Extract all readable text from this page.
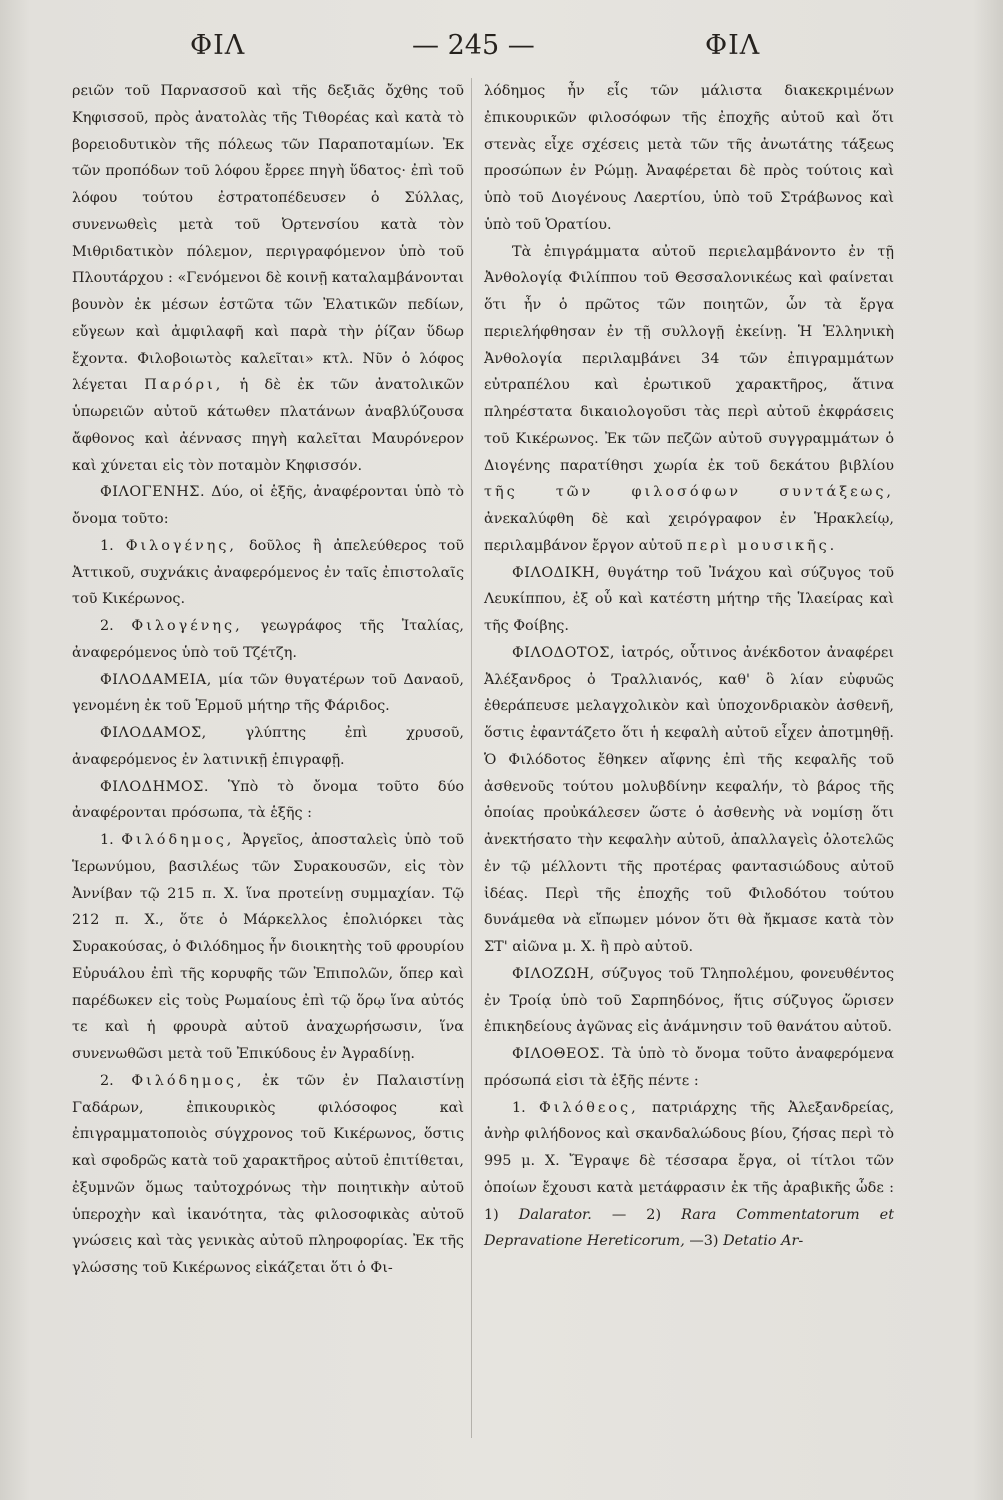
ΦΙΛ	— 245 —	ΦΙΛ

ρειῶν τοῦ Παρνασσοῦ καὶ τῆς δεξιᾶς ὄχθης τοῦ Κηφισσοῦ, πρὸς ἀνατολὰς τῆς Τιθορέας καὶ κατὰ τὸ βορειοδυτικὸν τῆς πόλεως τῶν Παραποταμίων. Ἐκ τῶν προπόδων τοῦ λόφου ἔρρεε πηγὴ ὕδατος· ἐπὶ τοῦ λόφου τούτου ἐστρατοπέδευσεν ὁ Σύλλας, συνενωθεὶς μετὰ τοῦ Ὀρτενσίου κατὰ τὸν Μιθριδατικὸν πόλεμον, περιγραφόμενον ὑπὸ τοῦ Πλουτάρχου : «Γενόμενοι δὲ κοινῇ καταλαμβάνονται βουνὸν ἐκ μέσων ἑστῶτα τῶν Ἐλατικῶν πεδίων, εὔγεων καὶ ἀμφιλαφῆ καὶ παρὰ τὴν ῥίζαν ὕδωρ ἔχοντα. Φιλοβοιωτὸς καλεῖται» κτλ. Νῦν ὁ λόφος λέγεται Παρόρι, ἡ δὲ ἐκ τῶν ἀνατολικῶν ὑπωρειῶν αὐτοῦ κάτωθεν πλατάνων ἀναβλύζουσα ἄφθονος καὶ ἀέννασς πηγὴ καλεῖται Μαυρόνερον καὶ χύνεται εἰς τὸν ποταμὸν Κηφισσόν.

ΦΙΛΟΓΕΝΗΣ. Δύο, οἱ ἑξῆς, ἀναφέρονται ὑπὸ τὸ ὄνομα τοῦτο:

1. Φιλογένης, δοῦλος ἢ ἀπελεύθερος τοῦ Ἀττικοῦ, συχνάκις ἀναφερόμενος ἐν ταῖς ἐπιστολαῖς τοῦ Κικέρωνος.

2. Φιλογένης, γεωγράφος τῆς Ἰταλίας, ἀναφερόμενος ὑπὸ τοῦ Τζέτζη.

ΦΙΛΟΔΑΜΕΙΑ, μία τῶν θυγατέρων τοῦ Δαναοῦ, γενομένη ἐκ τοῦ Ἑρμοῦ μήτηρ τῆς Φάριδος.

ΦΙΛΟΔΑΜΟΣ,	γλύπτης ἐπὶ χρυσοῦ, ἀναφερόμενος ἐν λατινικῇ ἐπιγραφῇ.

ΦΙΛΟΔΗΜΟΣ. Ὑπὸ τὸ ὄνομα τοῦτο δύο ἀναφέρονται πρόσωπα, τὰ ἑξῆς :

1. Φιλόδημος, Ἀργεῖος, ἀποσταλεὶς ὑπὸ τοῦ Ἱερωνύμου, βασιλέως τῶν Συρακουσῶν, εἰς τὸν Ἀννίβαν τῷ 215 π. Χ. ἵνα προτείνῃ συμμαχίαν. Τῷ 212 π. Χ., ὅτε ὁ Μάρκελλος ἐπολιόρκει τὰς Συρακούσας, ὁ Φιλόδημος ἦν διοικητὴς τοῦ φρουρίου Εὐρυάλου ἐπὶ τῆς κορυφῆς τῶν Ἐπιπολῶν, ὅπερ καὶ παρέδωκεν εἰς τοὺς Ρωμαίους ἐπὶ τῷ ὅρῳ ἵνα αὐτός τε καὶ ἡ φρουρὰ αὐτοῦ ἀναχωρήσωσιν, ἵνα συνενωθῶσι μετὰ τοῦ Ἐπικύδους ἐν Ἀγραδίνῃ.

2. Φιλόδημος, ἐκ τῶν ἐν Παλαιστίνῃ Γαδάρων, ἐπικουρικὸς φιλόσοφος καὶ ἐπιγραμματοποιὸς σύγχρονος τοῦ Κικέρωνος, ὅστις καὶ σφοδρῶς κατὰ τοῦ χαρακτῆρος αὐτοῦ ἐπιτίθεται, ἐξυμνῶν ὅμως ταὐτοχρόνως τὴν ποιητικὴν αὐτοῦ ὑπεροχὴν καὶ ἱκανότητα, τὰς φιλοσοφικὰς αὐτοῦ γνώσεις καὶ τὰς γενικὰς αὐτοῦ πληροφορίας. Ἐκ τῆς γλώσσης τοῦ Κικέρωνος εἰκάζεται ὅτι ὁ Φι-

λόδημος ἦν εἷς τῶν μάλιστα διακεκριμένων ἐπικουρικῶν φιλοσόφων τῆς ἐποχῆς αὐτοῦ καὶ ὅτι στενὰς εἶχε σχέσεις μετὰ τῶν τῆς ἀνωτάτης τάξεως προσώπων ἐν Ρώμῃ. Ἀναφέρεται δὲ πρὸς τούτοις καὶ ὑπὸ τοῦ Διογένους Λαερτίου, ὑπὸ τοῦ Στράβωνος καὶ ὑπὸ τοῦ Ὁρατίου.

Τὰ ἐπιγράμματα αὐτοῦ περιελαμβάνοντο ἐν τῇ Ἀνθολογίᾳ Φιλίππου τοῦ Θεσσαλονικέως καὶ φαίνεται ὅτι ἦν ὁ πρῶτος τῶν ποιητῶν, ὧν τὰ ἔργα περιελήφθησαν ἐν τῇ συλλογῇ ἐκείνῃ. Ἡ Ἑλληνικὴ Ἀνθολογία περιλαμβάνει 34 τῶν ἐπιγραμμάτων εὐτραπέλου καὶ ἐρωτικοῦ χαρακτῆρος, ἅτινα πληρέστατα δικαιολογοῦσι τὰς περὶ αὐτοῦ ἐκφράσεις τοῦ Κικέρωνος. Ἐκ τῶν πεζῶν αὐτοῦ συγγραμμάτων ὁ Διογένης παρατίθησι χωρία ἐκ τοῦ δεκάτου βιβλίου τῆς τῶν φιλοσόφων συντάξεως, ἀνεκαλύφθη δὲ καὶ χειρόγραφον ἐν Ἡρακλείῳ, περιλαμβάνον ἔργον αὐτοῦ περὶ μουσικῆς.

ΦΙΛΟΔΙΚΗ, θυγάτηρ τοῦ Ἰνάχου καὶ σύζυγος τοῦ Λευκίππου, ἐξ οὗ καὶ κατέστη μήτηρ τῆς Ἱλαείρας καὶ τῆς Φοίβης.

ΦΙΛΟΔΟΤΟΣ, ἰατρός, οὗτινος ἀνέκδοτον ἀναφέρει Ἀλέξανδρος ὁ Τραλλιανός, καθ' ὃ λίαν εὐφυῶς ἐθεράπευσε μελαγχολικὸν καὶ ὑποχονδριακὸν ἀσθενῆ, ὅστις ἐφαντάζετο ὅτι ἡ κεφαλὴ αὐτοῦ εἶχεν ἀποτμηθῇ. Ὁ Φιλόδοτος ἔθηκεν αἴφνης ἐπὶ τῆς κεφαλῆς τοῦ ἀσθενοῦς τούτου μολυβδίνην κεφαλήν, τὸ βάρος τῆς ὁποίας προὐκάλεσεν ὥστε ὁ ἀσθενὴς νὰ νομίσῃ ὅτι ἀνεκτήσατο τὴν κεφαλὴν αὐτοῦ, ἀπαλλαγεὶς ὁλοτελῶς ἐν τῷ μέλλοντι τῆς προτέρας φαντασιώδους αὐτοῦ ἰδέας. Περὶ τῆς ἐποχῆς τοῦ Φιλοδότου τούτου δυνάμεθα νὰ εἴπωμεν μόνον ὅτι θὰ ἤκμασε κατὰ τὸν ΣΤ' αἰῶνα μ. Χ. ἢ πρὸ αὐτοῦ.

ΦΙΛΟΖΩΗ, σύζυγος τοῦ Τληπολέμου, φονευθέντος ἐν Τροίᾳ ὑπὸ τοῦ Σαρπηδόνος, ἥτις σύζυγος ὥρισεν ἐπικηδείους ἀγῶνας εἰς ἀνάμνησιν τοῦ θανάτου αὐτοῦ.

ΦΙΛΟΘΕΟΣ. Τὰ ὑπὸ τὸ ὄνομα τοῦτο ἀναφερόμενα πρόσωπά εἰσι τὰ ἑξῆς πέντε :

1. Φιλόθεος, πατριάρχης τῆς Ἀλεξανδρείας, ἀνὴρ φιλήδονος καὶ σκανδαλώδους βίου, ζήσας περὶ τὸ 995 μ. Χ. Ἔγραψε δὲ τέσσαρα ἔργα, οἱ τίτλοι τῶν ὁποίων ἔχουσι κατὰ μετάφρασιν ἐκ τῆς ἀραβικῆς ὧδε : 1) Dalarator. — 2) Rara Commentatorum et Depravatione Hereticorum, —3) Detatio Ar-
